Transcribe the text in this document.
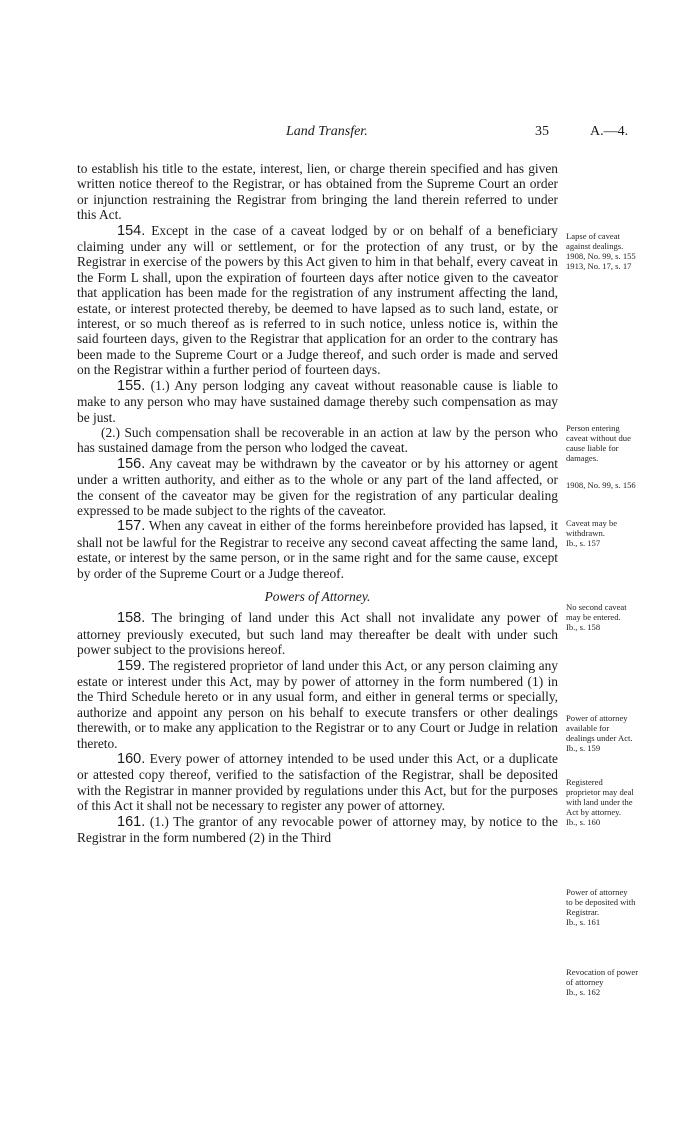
Land Transfer.	35	A.—4.

to establish his title to the estate, interest, lien, or charge therein specified and has given written notice thereof to the Registrar, or has obtained from the Supreme Court an order or injunction restraining the Registrar from bringing the land therein referred to under this Act.

154. Except in the case of a caveat lodged by or on behalf of a beneficiary claiming under any will or settlement, or for the protection of any trust, or by the Registrar in exercise of the powers by this Act given to him in that behalf, every caveat in the Form L shall, upon the expiration of fourteen days after notice given to the caveator that application has been made for the registration of any instrument affecting the land, estate, or interest protected thereby, be deemed to have lapsed as to such land, estate, or interest, or so much thereof as is referred to in such notice, unless notice is, within the said fourteen days, given to the Registrar that application for an order to the contrary has been made to the Supreme Court or a Judge thereof, and such order is made and served on the Registrar within a further period of fourteen days.

155. (1.) Any person lodging any caveat without reasonable cause is liable to make to any person who may have sustained damage thereby such compensation as may be just.

(2.) Such compensation shall be recoverable in an action at law by the person who has sustained damage from the person who lodged the caveat.

156. Any caveat may be withdrawn by the caveator or by his attorney or agent under a written authority, and either as to the whole or any part of the land affected, or the consent of the caveator may be given for the registration of any particular dealing expressed to be made subject to the rights of the caveator.

157. When any caveat in either of the forms hereinbefore provided has lapsed, it shall not be lawful for the Registrar to receive any second caveat affecting the same land, estate, or interest by the same person, or in the same right and for the same cause, except by order of the Supreme Court or a Judge thereof.

Powers of Attorney.

158. The bringing of land under this Act shall not invalidate any power of attorney previously executed, but such land may thereafter be dealt with under such power subject to the provisions hereof.

159. The registered proprietor of land under this Act, or any person claiming any estate or interest under this Act, may by power of attorney in the form numbered (1) in the Third Schedule hereto or in any usual form, and either in general terms or specially, authorize and appoint any person on his behalf to execute transfers or other dealings therewith, or to make any application to the Registrar or to any Court or Judge in relation thereto.

160. Every power of attorney intended to be used under this Act, or a duplicate or attested copy thereof, verified to the satisfaction of the Registrar, shall be deposited with the Registrar in manner provided by regulations under this Act, but for the purposes of this Act it shall not be necessary to register any power of attorney.

161. (1.) The grantor of any revocable power of attorney may, by notice to the Registrar in the form numbered (2) in the Third

Lapse of caveat
against dealings.
1908, No. 99, s. 155
1913, No. 17, s. 17
Person entering
caveat without due
cause liable for
damages.
1908, No. 99, s. 156
Caveat may be
withdrawn.
Ib., s. 157
No second caveat
may be entered.
Ib., s. 158
Power of attorney
available for
dealings under Act.
Ib., s. 159
Registered
proprietor may deal
with land under the
Act by attorney.
Ib., s. 160
Power of attorney
to be deposited with
Registrar.
Ib., s. 161
Revocation of power
of attorney
Ib., s. 162
